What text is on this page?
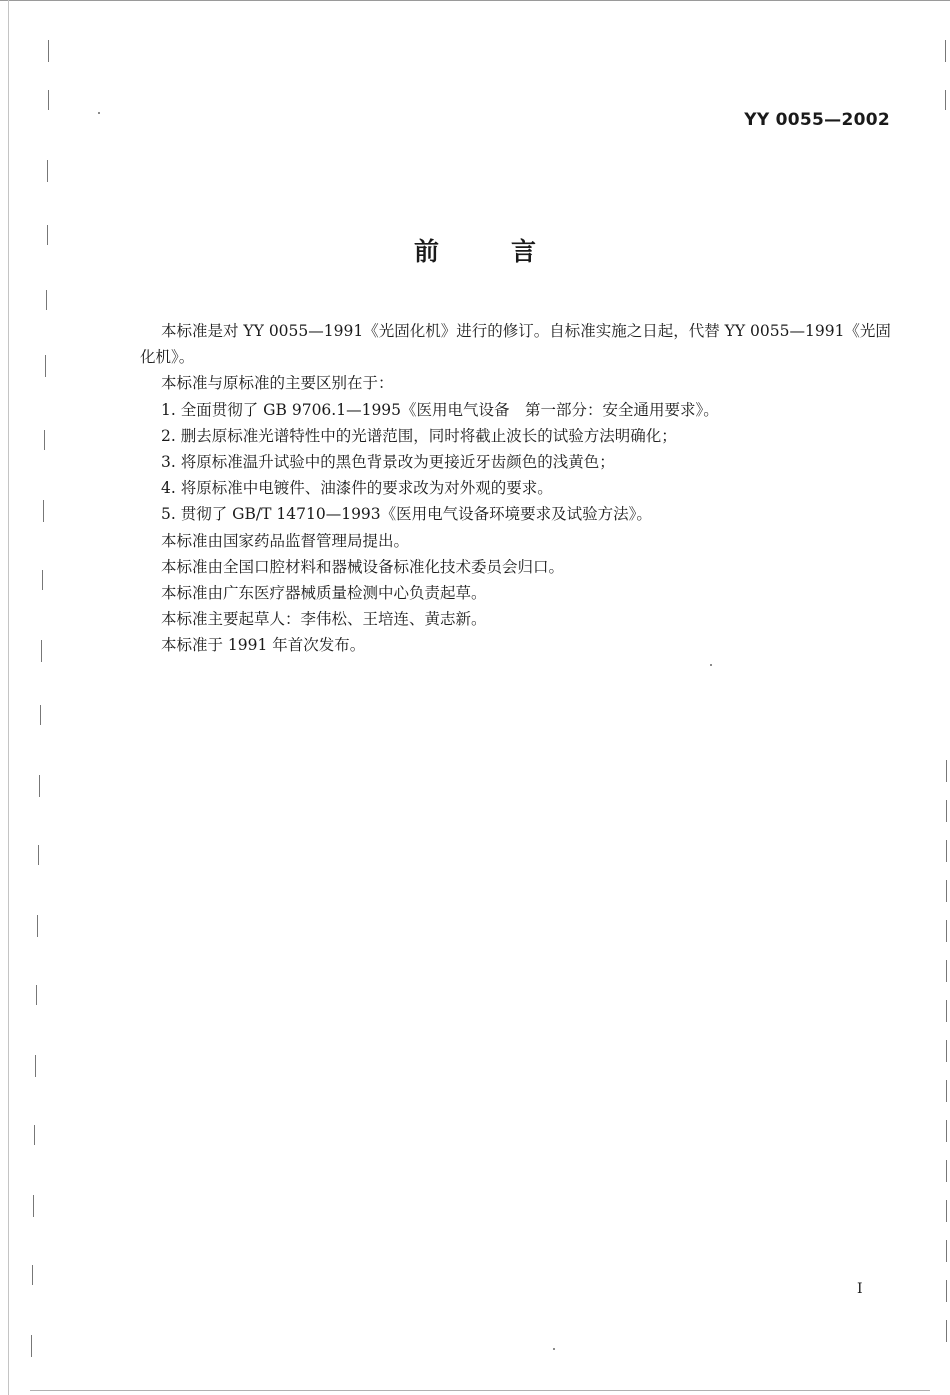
YY 0055—2002
前	言

本标准是对 YY 0055—1991《光固化机》进行的修订。自标准实施之日起，代替 YY 0055—1991《光固化机》。

本标准与原标准的主要区别在于：

1. 全面贯彻了 GB 9706.1—1995《医用电气设备　第一部分：安全通用要求》。

2. 删去原标准光谱特性中的光谱范围，同时将截止波长的试验方法明确化；

3. 将原标准温升试验中的黑色背景改为更接近牙齿颜色的浅黄色；

4. 将原标准中电镀件、油漆件的要求改为对外观的要求。

5. 贯彻了 GB/T 14710—1993《医用电气设备环境要求及试验方法》。

本标准由国家药品监督管理局提出。

本标准由全国口腔材料和器械设备标准化技术委员会归口。

本标准由广东医疗器械质量检测中心负责起草。

本标准主要起草人：李伟松、王培连、黄志新。

本标准于 1991 年首次发布。

I
